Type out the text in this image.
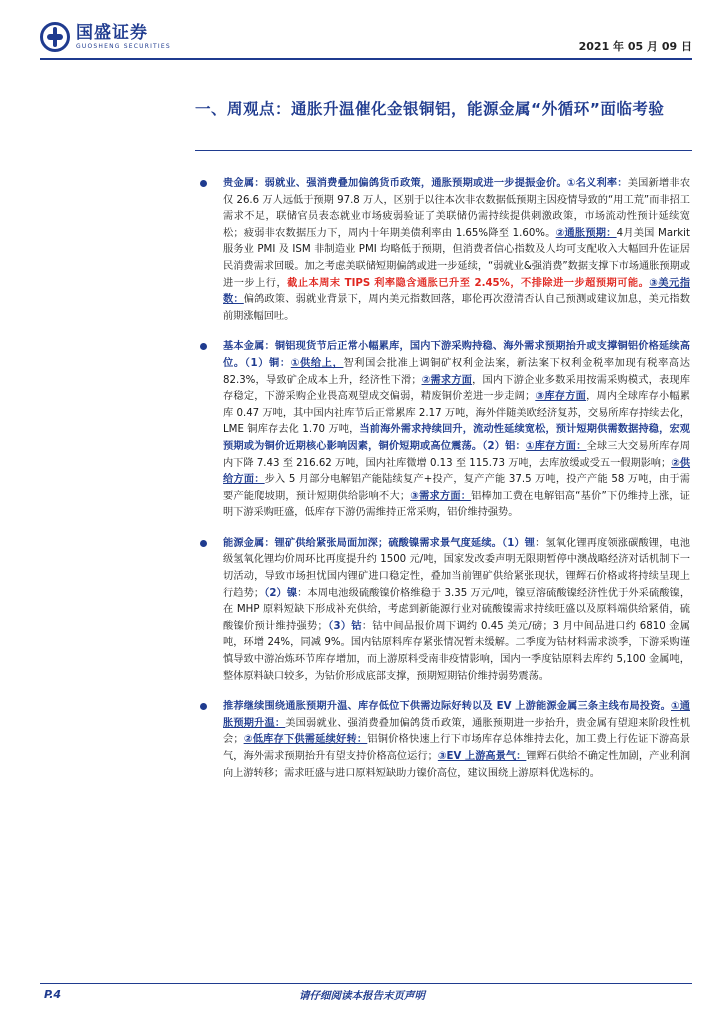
国盛证券
GUOSHENG SECURITIES	2021 年 05 月 09 日
一、周观点：通胀升温催化金银铜铝，能源金属“外循环”面临考验
贵金属：弱就业、强消费叠加偏鸽货币政策，通胀预期或进一步提振金价。①名义利率：美国新增非农仅 26.6 万人远低于预期 97.8 万人，区别于以往本次非农数据低预期主因疫情导致的“用工荒”而非招工需求不足，联储官员表态就业市场疲弱验证了美联储仍需持续提供刺激政策，市场流动性预计延续宽松；疲弱非农数据压力下，周内十年期美债利率由 1.65%降至 1.60%。②通胀预期：4月美国 Markit 服务业 PMI 及 ISM 非制造业 PMI 均略低于预期，但消费者信心指数及人均可支配收入大幅回升佐证居民消费需求回暖。加之考虑美联储短期偏鸽或进一步延续，“弱就业&强消费”数据支撑下市场通胀预期或进一步上行，截止本周末 TIPS 利率隐含通胀已升至 2.45%，不排除进一步超预期可能。③美元指数：偏鸽政策、弱就业背景下，周内美元指数回落，耶伦再次澄清否认自己预测或建议加息，美元指数前期涨幅回吐。
基本金属：铜铝现货节后正常小幅累库，国内下游采购持稳、海外需求预期抬升或支撑铜铝价格延续高位。（1）铜：①供给上，智利国会批准上调铜矿权利金法案，新法案下权利金税率加现有税率高达 82.3%，导致矿企成本上升，经济性下滑；②需求方面，国内下游企业多数采用按需采购模式，表现库存稳定，下游采购企业畏高观望成交偏弱，精废铜价差进一步走阔；③库存方面，周内全球库存小幅累库 0.47 万吨，其中国内社库节后正常累库 2.17 万吨，海外伴随美欧经济复苏，交易所库存持续去化，LME 铜库存去化 1.70 万吨，当前海外需求持续回升，流动性延续宽松，预计短期供需数据持稳，宏观预期或为铜价近期核心影响因素，铜价短期或高位震荡。（2）铝：①库存方面：全球三大交易所库存周内下降 7.43 至 216.62 万吨，国内社库微增 0.13 至 115.73 万吨，去库放缓或受五一假期影响；②供给方面：步入 5 月部分电解铝产能陆续复产+投产，复产产能 37.5 万吨，投产产能 58 万吨，由于需要产能爬坡期，预计短期供给影响不大；③需求方面：铝棒加工费在电解铝高“基价”下仍维持上涨，证明下游采购旺盛，低库存下游仍需维持正常采购，铝价维持强势。
能源金属：锂矿供给紧张局面加深；硫酸镍需求景气度延续。（1）锂：氢氧化锂再度领涨碳酸锂，电池级氢氧化锂均价周环比再度提升约 1500 元/吨，国家发改委声明无限期暂停中澳战略经济对话机制下一切活动，导致市场担忧国内锂矿进口稳定性，叠加当前锂矿供给紧张现状，锂辉石价格或将持续呈现上行趋势；（2）镍：本周电池级硫酸镍价格维稳于 3.35 万元/吨，镍豆溶硫酸镍经济性优于外采硫酸镍，在 MHP 原料短缺下形成补充供给，考虑到新能源行业对硫酸镍需求持续旺盛以及原料端供给紧俏，硫酸镍价预计维持强势；（3）钴：钴中间品报价周下调约 0.45 美元/磅；3 月中间品进口约 6810 金属吨，环增 24%，同减 9%。国内钴原料库存紧张情况暂未缓解。二季度为钴材料需求淡季，下游采购谨慎导致中游冶炼环节库存增加，而上游原料受南非疫情影响，国内一季度钴原料去库约 5,100 金属吨，整体原料缺口较多，为钴价形成底部支撑，预期短期钴价维持弱势震荡。
推荐继续围绕通胀预期升温、库存低位下供需边际好转以及 EV 上游能源金属三条主线布局投资。①通胀预期升温：美国弱就业、强消费叠加偏鸽货币政策，通胀预期进一步抬升，贵金属有望迎来阶段性机会；②低库存下供需延续好转：铝铜价格快速上行下市场库存总体维持去化，加工费上行佐证下游高景气，海外需求预期抬升有望支持价格高位运行；③EV 上游高景气：锂辉石供给不确定性加剧，产业利润向上游转移；需求旺盛与进口原料短缺助力镍价高位，建议围绕上游原料优选标的。
P.4	请仔细阅读本报告末页声明
